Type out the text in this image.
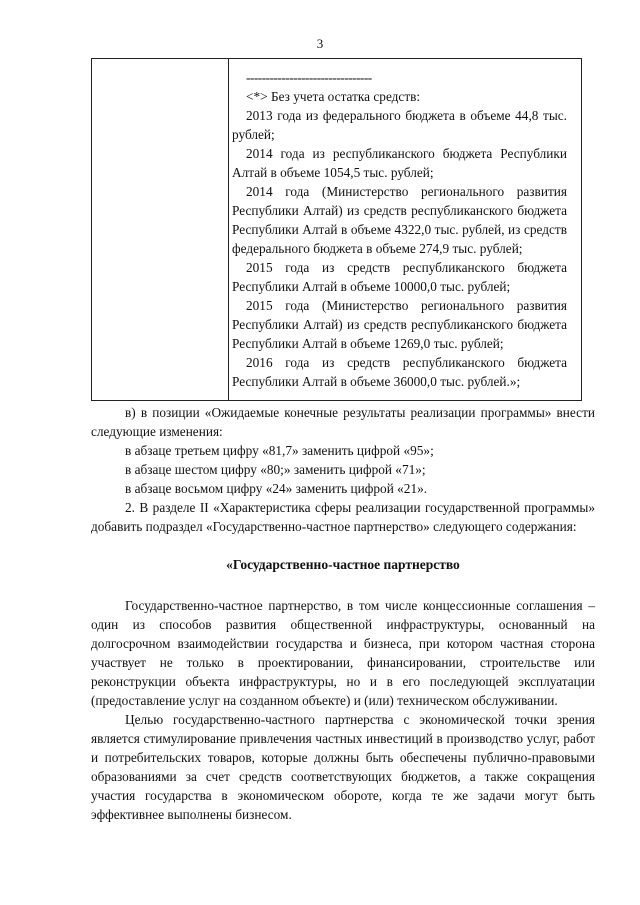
3

--------------------------------

<*> Без учета остатка средств:

2013 года из федерального бюджета в объеме 44,8 тыс. рублей;

2014 года из республиканского бюджета Республики Алтай в объеме 1054,5 тыс. рублей;

2014 года (Министерство регионального развития Республики Алтай) из средств республиканского бюджета Республики Алтай в объеме 4322,0 тыс. рублей, из средств федерального бюджета в объеме 274,9 тыс. рублей;

2015 года из средств республиканского бюджета Республики Алтай в объеме 10000,0 тыс. рублей;

2015 года (Министерство регионального развития Республики Алтай) из средств республиканского бюджета Республики Алтай в объеме 1269,0 тыс. рублей;

2016 года из средств республиканского бюджета Республики Алтай в объеме 36000,0 тыс. рублей.»;

в) в позиции «Ожидаемые конечные результаты реализации программы» внести следующие изменения:

в абзаце третьем цифру «81,7» заменить цифрой «95»;

в абзаце шестом цифру «80;» заменить цифрой «71»;

в абзаце восьмом цифру «24» заменить цифрой «21».

2. В разделе II «Характеристика сферы реализации государственной программы» добавить подраздел «Государственно-частное партнерство» следующего содержания:

«Государственно-частное партнерство

Государственно-частное партнерство, в том числе концессионные соглашения – один из способов развития общественной инфраструктуры, основанный на долгосрочном взаимодействии государства и бизнеса, при котором частная сторона участвует не только в проектировании, финансировании, строительстве или реконструкции объекта инфраструктуры, но и в его последующей эксплуатации (предоставление услуг на созданном объекте) и (или) техническом обслуживании.

Целью государственно-частного партнерства с экономической точки зрения является стимулирование привлечения частных инвестиций в производство услуг, работ и потребительских товаров, которые должны быть обеспечены публично-правовыми образованиями за счет средств соответствующих бюджетов, а также сокращения участия государства в экономическом обороте, когда те же задачи могут быть эффективнее выполнены бизнесом.
